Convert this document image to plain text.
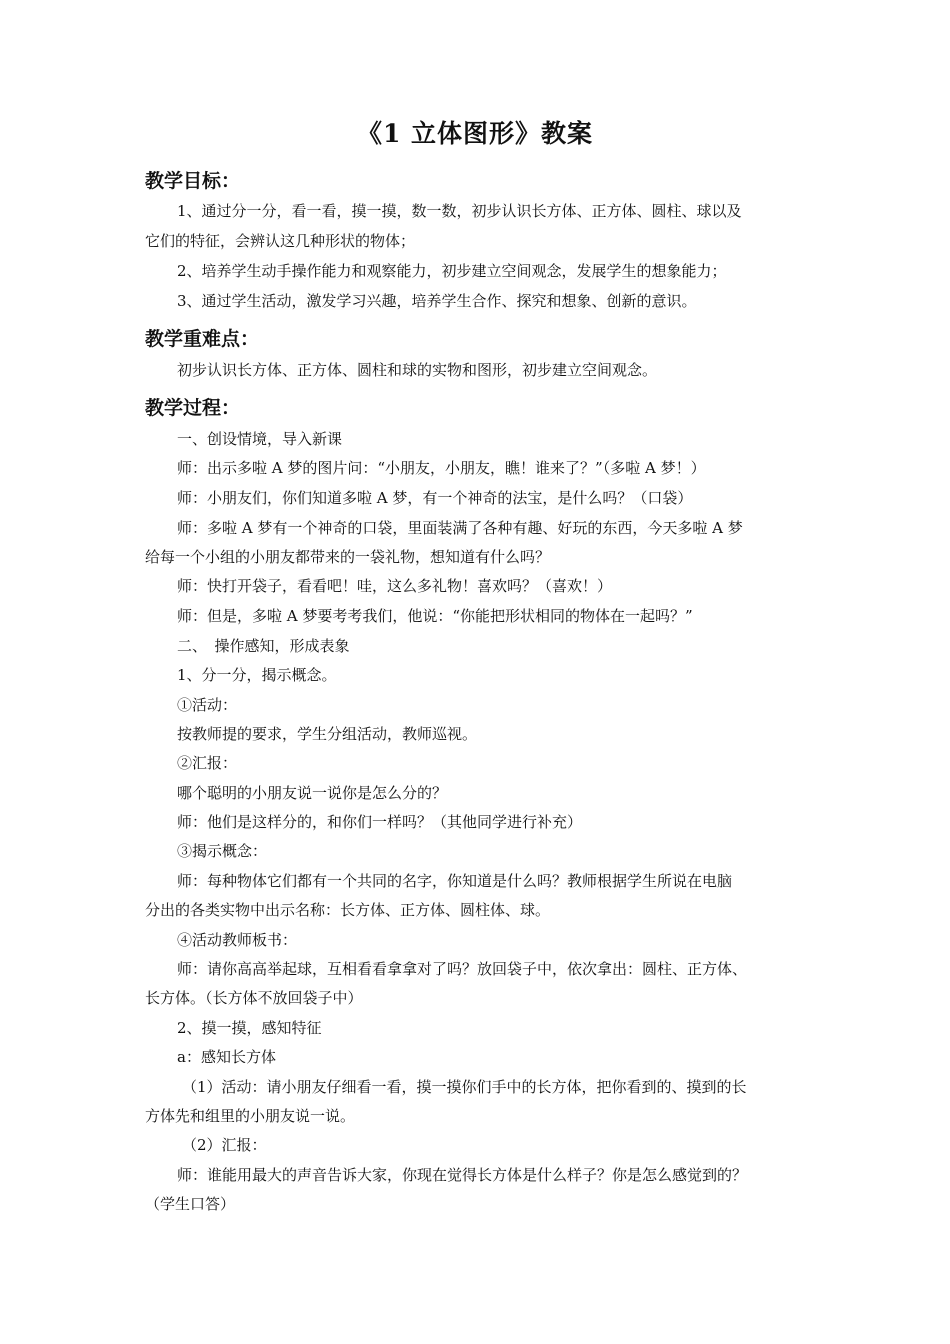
《1 立体图形》教案
教学目标：
1、通过分一分，看一看，摸一摸，数一数，初步认识长方体、正方体、圆柱、球以及
它们的特征，会辨认这几种形状的物体；
2、培养学生动手操作能力和观察能力，初步建立空间观念，发展学生的想象能力；
3、通过学生活动，激发学习兴趣，培养学生合作、探究和想象、创新的意识。
教学重难点：
初步认识长方体、正方体、圆柱和球的实物和图形，初步建立空间观念。
教学过程：
一、创设情境，导入新课
师：出示多啦 A 梦的图片问：“小朋友，小朋友，瞧！谁来了？”（多啦 A 梦！）
师：小朋友们，你们知道多啦 A 梦，有一个神奇的法宝，是什么吗？（口袋）
师：多啦 A 梦有一个神奇的口袋，里面装满了各种有趣、好玩的东西，今天多啦 A 梦
给每一个小组的小朋友都带来的一袋礼物，想知道有什么吗？
师：快打开袋子，看看吧！哇，这么多礼物！喜欢吗？（喜欢！）
师：但是，多啦 A 梦要考考我们，他说：“你能把形状相同的物体在一起吗？”
二、　操作感知，形成表象
1、分一分，揭示概念。
①活动：
按教师提的要求，学生分组活动，教师巡视。
②汇报：
哪个聪明的小朋友说一说你是怎么分的？
师：他们是这样分的，和你们一样吗？（其他同学进行补充）
③揭示概念：
师：每种物体它们都有一个共同的名字，你知道是什么吗？教师根据学生所说在电脑
分出的各类实物中出示名称：长方体、正方体、圆柱体、球。
④活动教师板书：
师：请你高高举起球，互相看看拿拿对了吗？放回袋子中，依次拿出：圆柱、正方体、
长方体。（长方体不放回袋子中）
2、摸一摸，感知特征
a：感知长方体
（1）活动：请小朋友仔细看一看，摸一摸你们手中的长方体，把你看到的、摸到的长
方体先和组里的小朋友说一说。
（2）汇报：
师：谁能用最大的声音告诉大家，你现在觉得长方体是什么样子？你是怎么感觉到的？
（学生口答）
